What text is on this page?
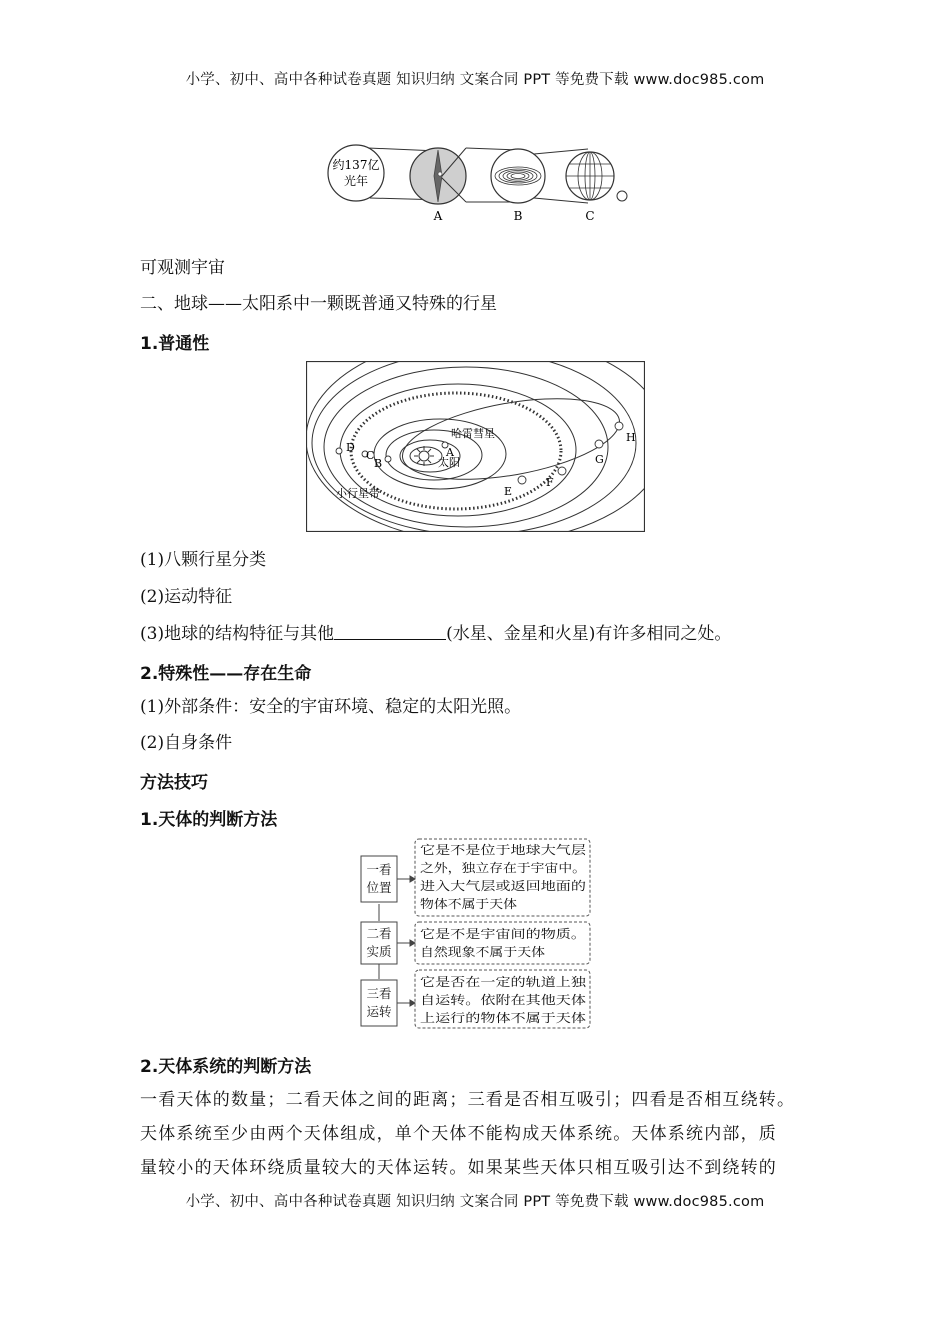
小学、初中、高中各种试卷真题 知识归纳 文案合同 PPT 等免费下载 www.doc985.com
约137亿
光年
A	B	C
可观测宇宙
二、地球——太阳系中一颗既普通又特殊的行星
1.普通性
太阳
哈雷彗星
小行星带
A
B
C
D
E
F
G
H
(1)八颗行星分类
(2)运动特征
(3)地球的结构特征与其他	(水星、金星和火星)有许多相同之处。
2.特殊性——存在生命
(1)外部条件：安全的宇宙环境、稳定的太阳光照。
(2)自身条件
方法技巧
1.天体的判断方法
一看
位置
二看
实质
三看
运转
它是不是位于地球大气层
之外，独立存在于宇宙中。
进入大气层或返回地面的
物体不属于天体
它是不是宇宙间的物质。
自然现象不属于天体
它是否在一定的轨道上独
自运转。依附在其他天体
上运行的物体不属于天体
2.天体系统的判断方法
一看天体的数量；二看天体之间的距离；三看是否相互吸引；四看是否相互绕转。
天体系统至少由两个天体组成，单个天体不能构成天体系统。天体系统内部，质
量较小的天体环绕质量较大的天体运转。如果某些天体只相互吸引达不到绕转的
小学、初中、高中各种试卷真题 知识归纳 文案合同 PPT 等免费下载 www.doc985.com
